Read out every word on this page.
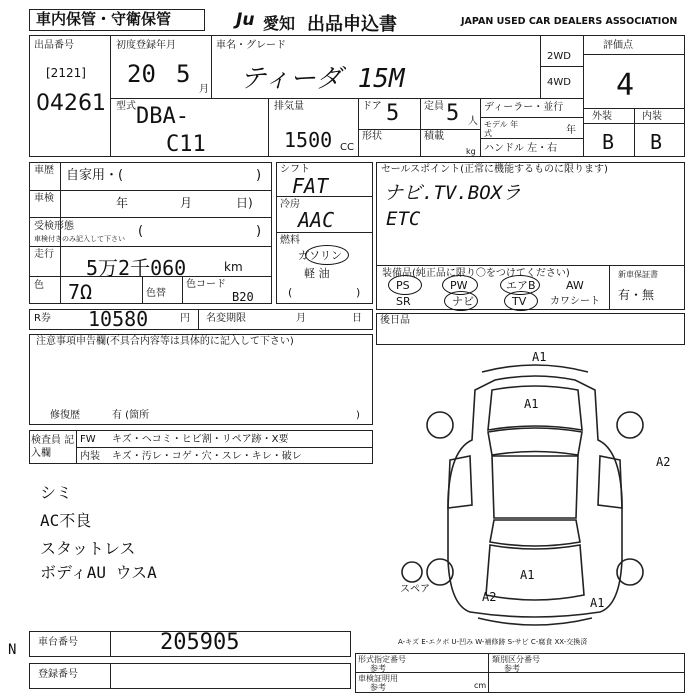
車内保管・守衛保管	Ju 愛知 出品申込書	JAPAN USED CAR DEALERS ASSOCIATION
出品番号
[2121]
04261
初度登録年月
20 5
月
車名・グレード
ティーダ 15M
2WD
4WD
評価点
4
型式 DBA-
C11
排気量
1500 CC
ドア 5 定員 5 人
形状	積載
kg
ディーラー・並行
モデル 年式	年
ハンドル 左・右
外装	内装
B B
車歴 自家用・(	)
車検	年	月	日)
受検形態
車検付きのみ記入して下さい (	)
走行
5万2千060	km
色 7Ω	色替
色コード
B20
シフト
FAT
冷房
AAC
燃料
ガソリン
軽 油
(	)
セールスポイント(正常に機能するものに限ります)
ナビ.TV.BOXラ
ETC
装備品(純正品に限り〇をつけてください)
PS	PW	エアB	AW
SR	ナビ	TV カワシート
新車保証書
有・無
R券 10580	円 名変期限	月	日
注意事項申告欄(不具合内容等は具体的に記入して下さい)
修復歴	有 (箇所	)
検査員 記入欄
FW キズ・ヘコミ・ヒビ割・リペア跡・X要
内装 キズ・汚レ・コゲ・穴・スレ・キレ・破レ
シミ
AC不良
スタットレス
ボディAU ウスA
後日品
A1
A1
A2
A2
A1
A1
スペア
A-キズ E-エクボ U-凹み W-補修跡 S-サビ C-腐食 XX-交換済
車台番号	205905
登録番号
形式指定番号
参考
類別区分番号
参考
車検証明用
参考	cm
N
